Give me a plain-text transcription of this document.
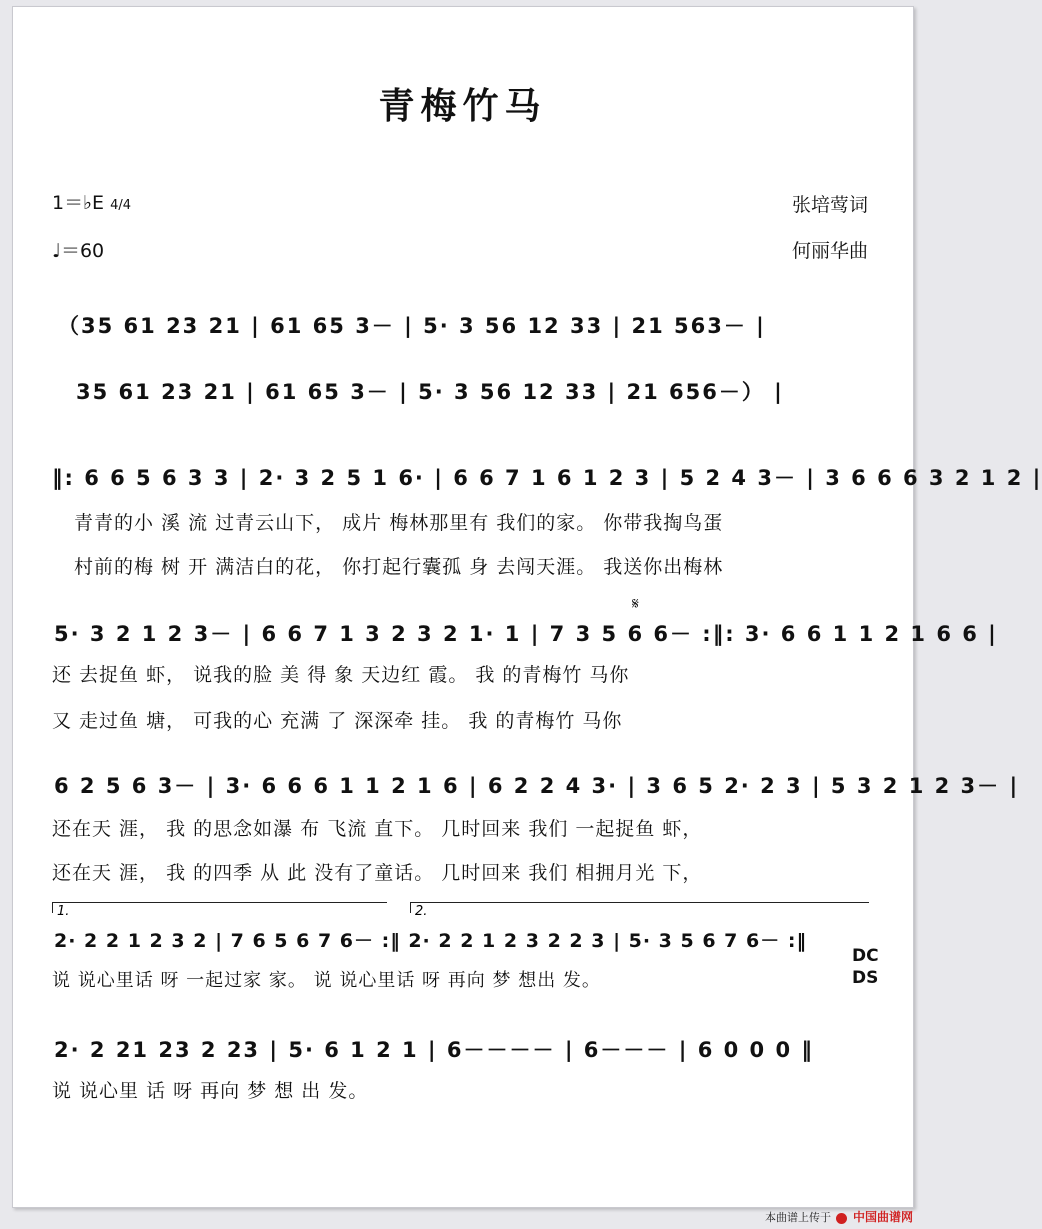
青梅竹马
1＝♭E 4/4
♩＝60
张培莺词
何丽华曲
（35 61 23 21 | 61 65 3－ | 5· 3 56 12 33 | 21 563－ |
35 61 23 21 | 61 65 3－ | 5· 3 56 12 33 | 21 656－） |
‖: 6 6 5 6 3 3 | 2· 3 2 5 1 6· | 6 6 7 1 6 1 2 3 | 5 2 4 3－ | 3 6 6 6 3 2 1 2 |
青青的小 溪 流 过青云山下， 成片 梅林那里有 我们的家。 你带我掏鸟蛋
村前的梅 树 开 满洁白的花， 你打起行囊孤 身 去闯天涯。 我送你出梅林
𝄋
5· 3 2 1 2 3－ | 6 6 7 1 3 2 3 2 1· 1 | 7 3 5 6 6－ :‖: 3· 6 6 1 1 2 1 6 6 |
还 去捉鱼 虾， 说我的脸 美 得 象 天边红 霞。 我 的青梅竹 马你
又 走过鱼 塘， 可我的心 充满 了 深深牵 挂。 我 的青梅竹 马你
6 2 5 6 3－ | 3· 6 6 6 1 1 2 1 6 | 6 2 2 4 3· | 3 6 5 2· 2 3 | 5 3 2 1 2 3－ |
还在天 涯， 我 的思念如瀑 布 飞流 直下。 几时回来 我们 一起捉鱼 虾，
还在天 涯， 我 的四季 从 此 没有了童话。 几时回来 我们 相拥月光 下，
1.	2.
2· 2 2 1 2 3 2 | 7 6 5 6 7 6－ :‖ 2· 2 2 1 2 3 2 2 3 | 5· 3 5 6 7 6－ :‖
DC
DS
说 说心里话 呀 一起过家 家。 说 说心里话 呀 再向 梦 想出 发。
2· 2 21 23 2 23 | 5· 6 1 2 1 | 6－－－－ | 6－－－ | 6 0 0 0 ‖
说 说心里 话 呀 再向 梦 想 出 发。
本曲谱上传于 中国曲谱网
